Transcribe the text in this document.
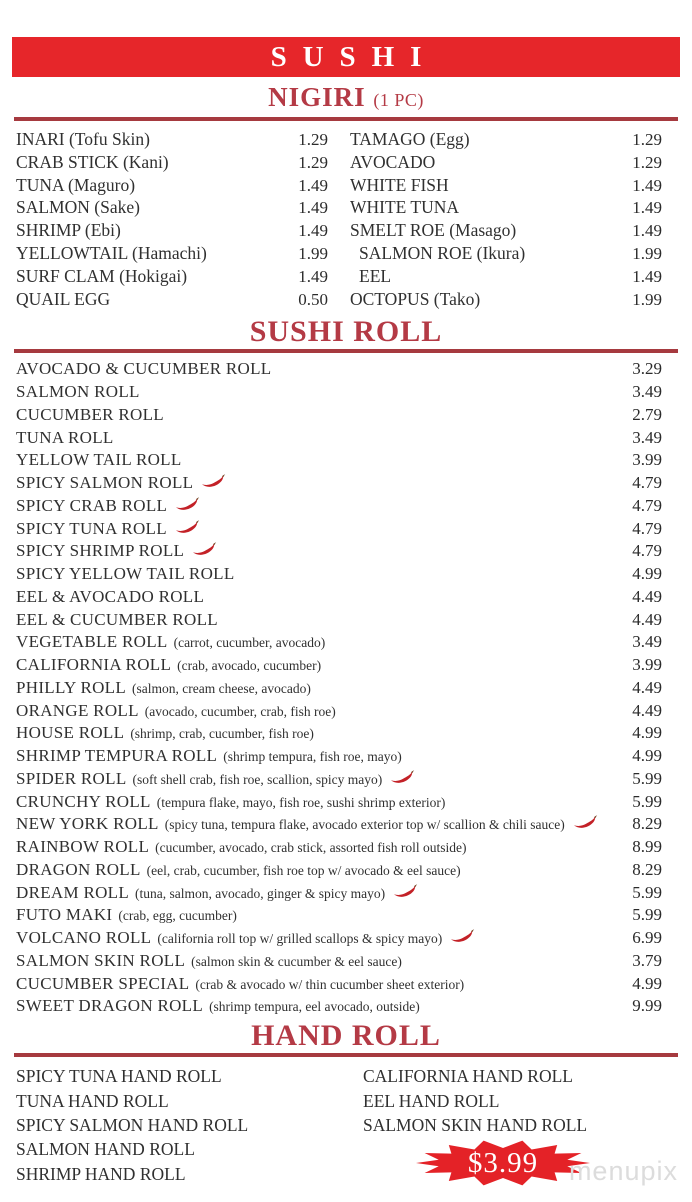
SUSHI
NIGIRI (1 PC)
INARI (Tofu Skin)	1.29
CRAB STICK (Kani)	1.29
TUNA (Maguro)	1.49
SALMON (Sake)	1.49
SHRIMP (Ebi)	1.49
YELLOWTAIL (Hamachi)	1.99
SURF CLAM (Hokigai)	1.49
QUAIL EGG	0.50
TAMAGO (Egg)	1.29
AVOCADO	1.29
WHITE FISH	1.49
WHITE TUNA	1.49
SMELT ROE (Masago)	1.49
SALMON ROE (Ikura)	1.99
EEL	1.49
OCTOPUS (Tako)	1.99
SUSHI ROLL
AVOCADO & CUCUMBER ROLL	3.29
SALMON ROLL	3.49
CUCUMBER ROLL	2.79
TUNA ROLL	3.49
YELLOW TAIL ROLL	3.99
SPICY SALMON ROLL	4.79
SPICY CRAB ROLL	4.79
SPICY TUNA ROLL	4.79
SPICY SHRIMP ROLL	4.79
SPICY YELLOW TAIL ROLL	4.99
EEL & AVOCADO ROLL	4.49
EEL & CUCUMBER ROLL	4.49
VEGETABLE ROLL (carrot, cucumber, avocado)	3.49
CALIFORNIA ROLL (crab, avocado, cucumber)	3.99
PHILLY ROLL (salmon, cream cheese, avocado)	4.49
ORANGE ROLL (avocado, cucumber, crab, fish roe)	4.49
HOUSE ROLL (shrimp, crab, cucumber, fish roe)	4.99
SHRIMP TEMPURA ROLL (shrimp tempura, fish roe, mayo)	4.99
SPIDER ROLL (soft shell crab, fish roe, scallion, spicy mayo)	5.99
CRUNCHY ROLL (tempura flake, mayo, fish roe, sushi shrimp exterior)	5.99
NEW YORK ROLL (spicy tuna, tempura flake, avocado exterior top w/ scallion & chili sauce)	8.29
RAINBOW ROLL (cucumber, avocado, crab stick, assorted fish roll outside)	8.99
DRAGON ROLL (eel, crab, cucumber, fish roe top w/ avocado & eel sauce)	8.29
DREAM ROLL (tuna, salmon, avocado, ginger & spicy mayo)	5.99
FUTO MAKI (crab, egg, cucumber)	5.99
VOLCANO ROLL (california roll top w/ grilled scallops & spicy mayo)	6.99
SALMON SKIN ROLL (salmon skin & cucumber & eel sauce)	3.79
CUCUMBER SPECIAL (crab & avocado w/ thin cucumber sheet exterior)	4.99
SWEET DRAGON ROLL (shrimp tempura, eel avocado, outside)	9.99
HAND ROLL
SPICY TUNA HAND ROLL
TUNA HAND ROLL
SPICY SALMON HAND ROLL
SALMON HAND ROLL
SHRIMP HAND ROLL
CALIFORNIA HAND ROLL
EEL HAND ROLL
SALMON SKIN HAND ROLL
$3.99	menupix
